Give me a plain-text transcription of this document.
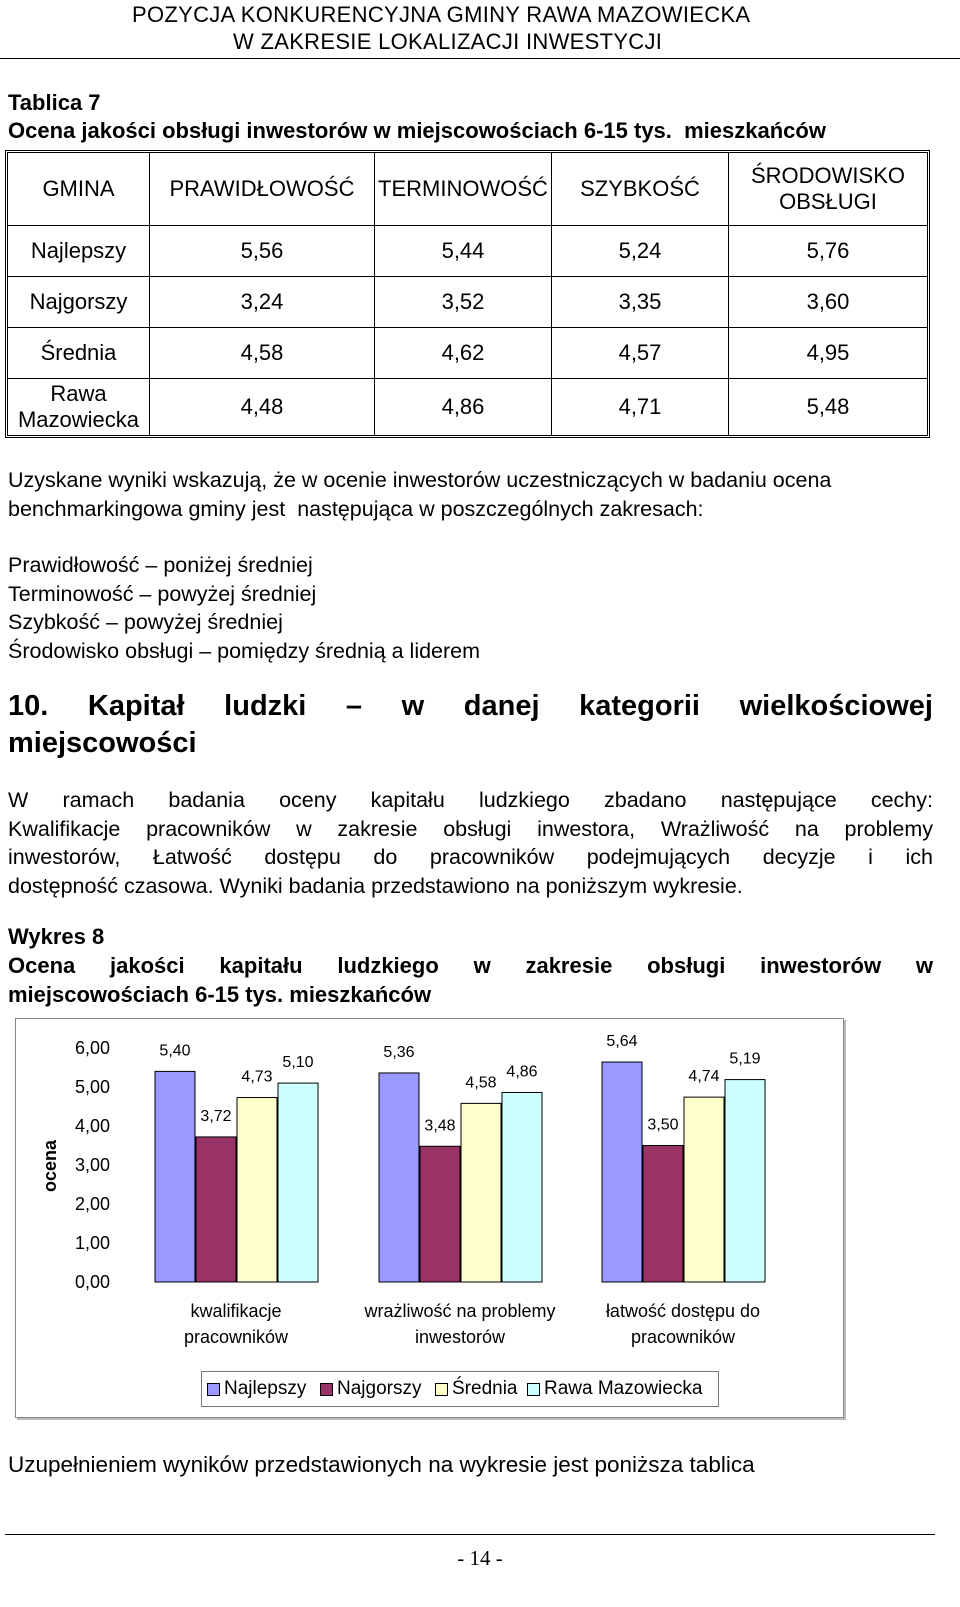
POZYCJA KONKURENCYJNA GMINY RAWA MAZOWIECKA
W ZAKRESIE LOKALIZACJI INWESTYCJI
Tablica 7
Ocena jakości obsługi inwestorów w miejscowościach 6-15 tys.  mieszkańców
GMINA	PRAWIDŁOWOŚĆ	TERMINOWOŚĆ	SZYBKOŚĆ	ŚRODOWISKO
OBSŁUGI
Najlepszy	5,56	5,44	5,24	5,76
Najgorszy	3,24	3,52	3,35	3,60
Średnia	4,58	4,62	4,57	4,95
Rawa
Mazowiecka	4,48	4,86	4,71	5,48
Uzyskane wyniki wskazują, że w ocenie inwestorów uczestniczących w badaniu ocena
benchmarkingowa gminy jest  następująca w poszczególnych zakresach:
Prawidłowość – poniżej średniej
Terminowość – powyżej średniej
Szybkość – powyżej średniej
Środowisko obsługi – pomiędzy średnią a liderem
10. Kapitał ludzki – w danej kategorii wielkościowej
miejscowości
W ramach badania oceny kapitału ludzkiego zbadano następujące cechy:
Kwalifikacje pracowników w zakresie obsługi inwestora, Wrażliwość na problemy
inwestorów, Łatwość dostępu do pracowników podejmujących decyzje i ich
dostępność czasowa. Wyniki badania przedstawiono na poniższym wykresie.
Wykres 8
Ocena jakości kapitału ludzkiego w zakresie obsługi inwestorów w
miejscowościach 6-15 tys. mieszkańców
6,00
5,00
4,00
3,00
2,00
1,00
0,00
ocena
5,40	5,36
5,64
3,72
3,48	3,50
4,73	4,58	4,74
5,10
4,86
5,19
kwalifikacje
pracowników
wrażliwość na problemy
inwestorów
łatwość dostępu do
pracowników
Najlepszy Najgorszy Średnia Rawa Mazowiecka
Uzupełnieniem wyników przedstawionych na wykresie jest poniższa tablica
- 14 -
